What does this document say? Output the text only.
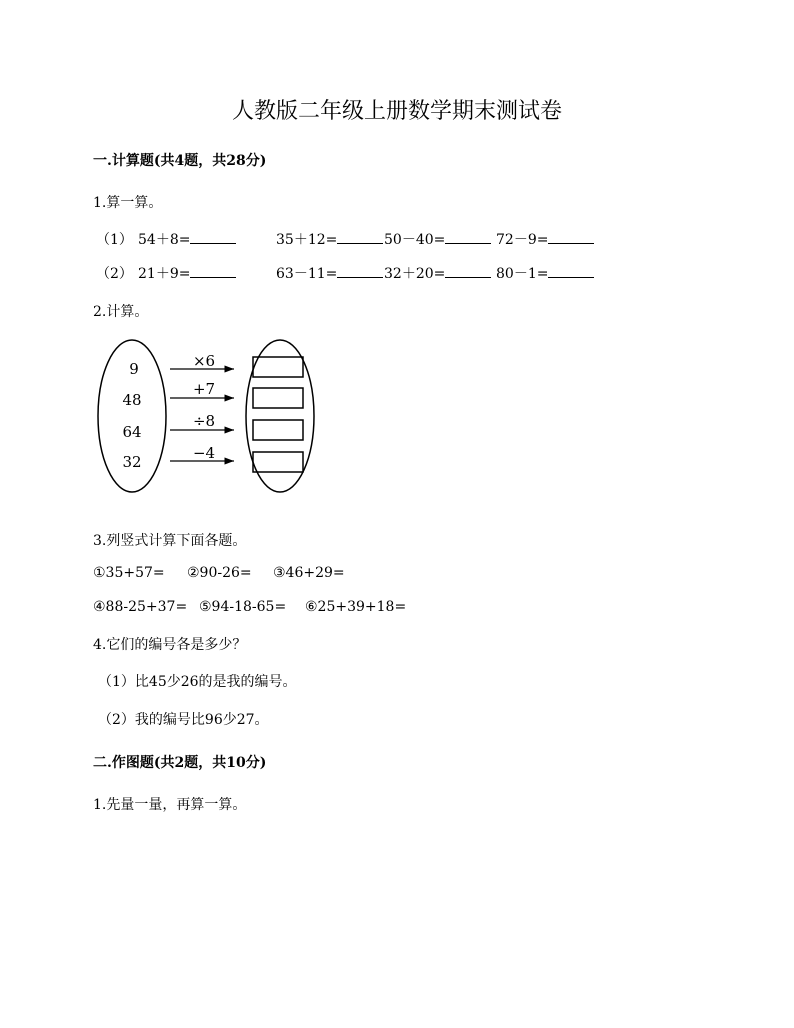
人教版二年级上册数学期末测试卷
一.计算题(共4题，共28分)
1.算一算。
（1） 54＋8=	35＋12=	50－40=	72－9=
（2） 21＋9=	63－11=	32＋20=	80－1=
2.计算。
9
48
64
32
×6
+7
÷8
−4
3.列竖式计算下面各题。
①35+57=	②90-26=	③46+29=
④88-25+37= ⑤94-18-65=	⑥25+39+18=
4.它们的编号各是多少？
（1）比45少26的是我的编号。
（2）我的编号比96少27。
二.作图题(共2题，共10分)
1.先量一量，再算一算。
